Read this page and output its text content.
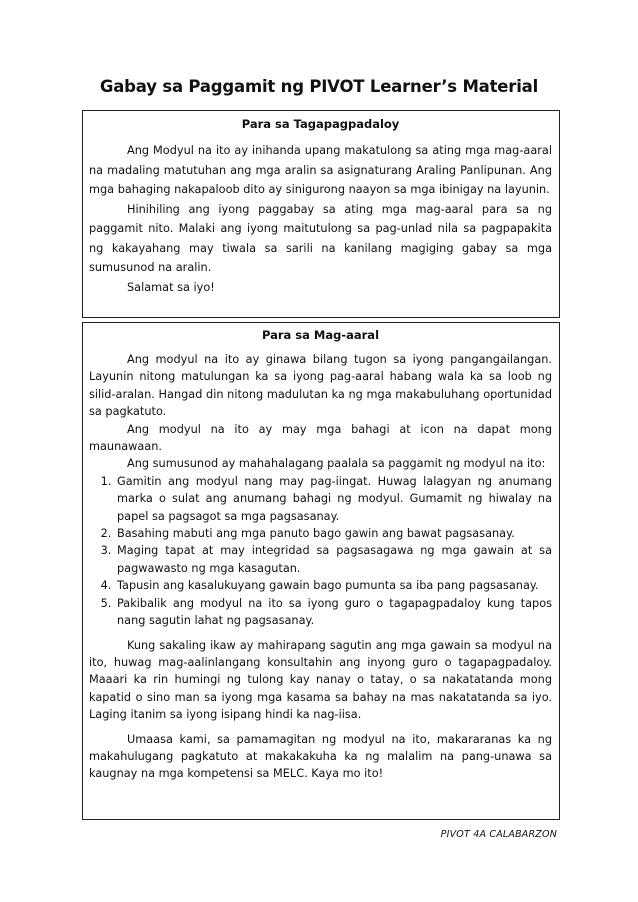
Gabay sa Paggamit ng PIVOT Learner’s Material
Para sa Tagapagpadaloy

Ang Modyul na ito ay inihanda upang makatulong sa ating mga mag-aaral na madaling matutuhan ang mga aralin sa asignaturang Araling Panlipunan. Ang mga bahaging nakapaloob dito ay sinigurong naayon sa mga ibinigay na layunin.

Hinihiling ang iyong paggabay sa ating mga mag-aaral para sa ng paggamit nito. Malaki ang iyong maitutulong sa pag-unlad nila sa pagpapakita ng kakayahang may tiwala sa sarili na kanilang magiging gabay sa mga sumusunod na aralin.

Salamat sa iyo!

Para sa Mag-aaral

Ang modyul na ito ay ginawa bilang tugon sa iyong pangangailangan. Layunin nitong matulungan ka sa iyong pag-aaral habang wala ka sa loob ng silid-aralan. Hangad din nitong madulutan ka ng mga makabuluhang oportunidad sa pagkatuto.

Ang modyul na ito ay may mga bahagi at icon na dapat mong maunawaan.

Ang sumusunod ay mahahalagang paalala sa paggamit ng modyul na ito:

1. Gamitin ang modyul nang may pag-iingat. Huwag lalagyan ng anumang marka o sulat ang anumang bahagi ng modyul. Gumamit ng hiwalay na papel sa pagsagot sa mga pagsasanay.
2. Basahing mabuti ang mga panuto bago gawin ang bawat pagsasanay.
3. Maging tapat at may integridad sa pagsasagawa ng mga gawain at sa pagwawasto ng mga kasagutan.
4. Tapusin ang kasalukuyang gawain bago pumunta sa iba pang pagsasanay.
5. Pakibalik ang modyul na ito sa iyong guro o tagapagpadaloy kung tapos nang sagutin lahat ng pagsasanay.

Kung sakaling ikaw ay mahirapang sagutin ang mga gawain sa modyul na ito, huwag mag-aalinlangang konsultahin ang inyong guro o tagapagpadaloy. Maaari ka rin humingi ng tulong kay nanay o tatay, o sa nakatatanda mong kapatid o sino man sa iyong mga kasama sa bahay na mas nakatatanda sa iyo. Laging itanim sa iyong isipang hindi ka nag-iisa.

Umaasa kami, sa pamamagitan ng modyul na ito, makararanas ka ng makahulugang pagkatuto at makakakuha ka ng malalim na pang-unawa sa kaugnay na mga kompetensi sa MELC. Kaya mo ito!

PIVOT 4A CALABARZON
